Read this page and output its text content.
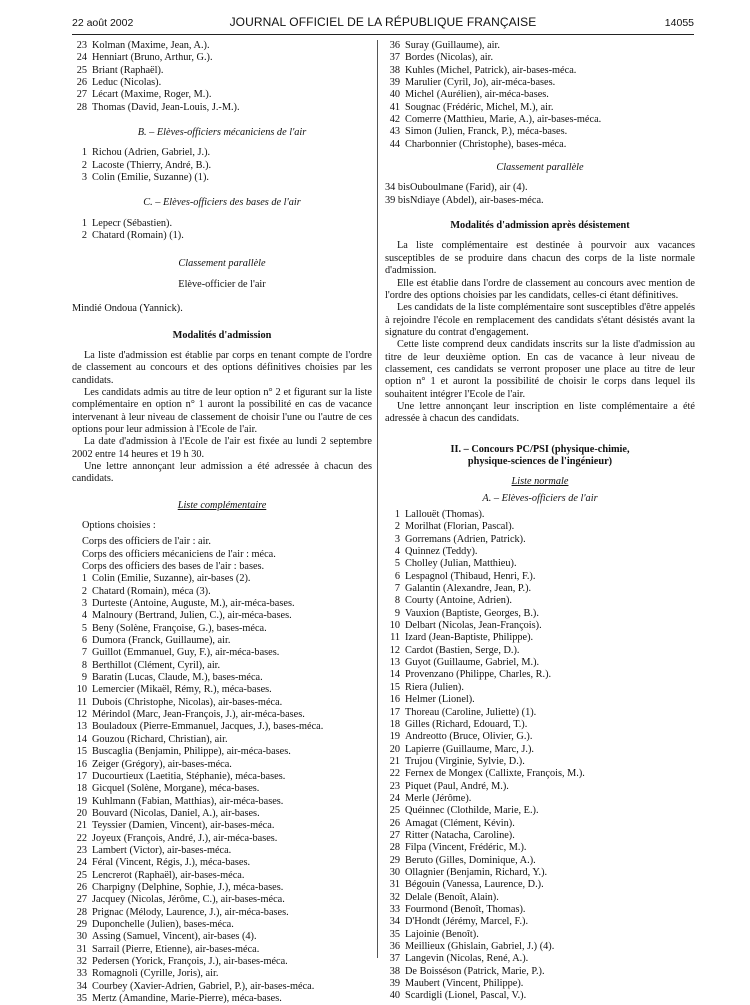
22 août 2002	JOURNAL OFFICIEL DE LA RÉPUBLIQUE FRANÇAISE	14055
23 Kolman (Maxime, Jean, A.).
24 Henniart (Bruno, Arthur, G.).
25 Briant (Raphaël).
26 Leduc (Nicolas).
27 Lécart (Maxime, Roger, M.).
28 Thomas (David, Jean-Louis, J.-M.).
B. – Elèves-officiers mécaniciens de l'air
1 Richou (Adrien, Gabriel, J.).
2 Lacoste (Thierry, André, B.).
3 Colin (Emilie, Suzanne) (1).
C. – Elèves-officiers des bases de l'air
1 Lepecr (Sébastien).
2 Chatard (Romain) (1).
Classement parallèle
Elève-officier de l'air
Mindié Ondoua (Yannick).
Modalités d'admission
La liste d'admission est établie par corps en tenant compte de l'ordre de classement au concours et des options définitives choisies par les candidats.
Les candidats admis au titre de leur option n° 2 et figurant sur la liste complémentaire en option n° 1 auront la possibilité en cas de vacance intervenant à leur niveau de classement de choisir l'une ou l'autre de ces options pour leur admission à l'Ecole de l'air.
La date d'admission à l'Ecole de l'air est fixée au lundi 2 septembre 2002 entre 14 heures et 19 h 30.
Une lettre annonçant leur admission a été adressée à chacun des candidats.
Liste complémentaire
Options choisies :
Corps des officiers de l'air : air.
Corps des officiers mécaniciens de l'air : méca.
Corps des officiers des bases de l'air : bases.
1 Colin (Emilie, Suzanne), air-bases (2).
2 Chatard (Romain), méca (3).
3 Durteste (Antoine, Auguste, M.), air-méca-bases.
4 Malnoury (Bertrand, Julien, C.), air-méca-bases.
5 Beny (Solène, Françoise, G.), bases-méca.
6 Dumora (Franck, Guillaume), air.
7 Guillot (Emmanuel, Guy, F.), air-méca-bases.
8 Berthillot (Clément, Cyril), air.
9 Baratin (Lucas, Claude, M.), bases-méca.
10 Lemercier (Mikaël, Rémy, R.), méca-bases.
11 Dubois (Christophe, Nicolas), air-bases-méca.
12 Mérindol (Marc, Jean-François, J.), air-méca-bases.
13 Bouladoux (Pierre-Emmanuel, Jacques, J.), bases-méca.
14 Gouzou (Richard, Christian), air.
15 Buscaglia (Benjamin, Philippe), air-méca-bases.
16 Zeiger (Grégory), air-bases-méca.
17 Ducourtieux (Laetitia, Stéphanie), méca-bases.
18 Gicquel (Solène, Morgane), méca-bases.
19 Kuhlmann (Fabian, Matthias), air-méca-bases.
20 Bouvard (Nicolas, Daniel, A.), air-bases.
21 Teyssier (Damien, Vincent), air-bases-méca.
22 Joyeux (François, André, J.), air-méca-bases.
23 Lambert (Victor), air-bases-méca.
24 Féral (Vincent, Régis, J.), méca-bases.
25 Lencrerot (Raphaël), air-bases-méca.
26 Charpigny (Delphine, Sophie, J.), méca-bases.
27 Jacquey (Nicolas, Jérôme, C.), air-bases-méca.
28 Prignac (Mélody, Laurence, J.), air-méca-bases.
29 Duponchelle (Julien), bases-méca.
30 Assing (Samuel, Vincent), air-bases (4).
31 Sarrail (Pierre, Etienne), air-bases-méca.
32 Pedersen (Yorick, François, J.), air-bases-méca.
33 Romagnoli (Cyrille, Joris), air.
34 Courbey (Xavier-Adrien, Gabriel, P.), air-bases-méca.
35 Mertz (Amandine, Marie-Pierre), méca-bases.
36 Suray (Guillaume), air.
37 Bordes (Nicolas), air.
38 Kuhles (Michel, Patrick), air-bases-méca.
39 Marulier (Cyril, Jo), air-méca-bases.
40 Michel (Aurélien), air-méca-bases.
41 Sougnac (Frédéric, Michel, M.), air.
42 Comerre (Matthieu, Marie, A.), air-bases-méca.
43 Simon (Julien, Franck, P.), méca-bases.
44 Charbonnier (Christophe), bases-méca.
Classement parallèle
34 bisOuboulmane (Farid), air (4).
39 bisNdiaye (Abdel), air-bases-méca.
Modalités d'admission après désistement
La liste complémentaire est destinée à pourvoir aux vacances susceptibles de se produire dans chacun des corps de la liste normale d'admission.
Elle est établie dans l'ordre de classement au concours avec mention de l'ordre des options choisies par les candidats, celles-ci étant définitives.
Les candidats de la liste complémentaire sont susceptibles d'être appelés à rejoindre l'école en remplacement des candidats s'étant désistés avant la signature du contrat d'engagement.
Cette liste comprend deux candidats inscrits sur la liste d'admission au titre de leur deuxième option. En cas de vacance à leur niveau de classement, ces candidats se verront proposer une place au titre de leur option n° 1 et auront la possibilité de choisir le corps dans lequel ils souhaitent intégrer l'Ecole de l'air.
Une lettre annonçant leur inscription en liste complémentaire a été adressée à chacun des candidats.
II. – Concours PC/PSI (physique-chimie,
physique-sciences de l'ingénieur)
Liste normale
A. – Elèves-officiers de l'air
1 Lallouët (Thomas).
2 Morilhat (Florian, Pascal).
3 Gorremans (Adrien, Patrick).
4 Quinnez (Teddy).
5 Cholley (Julian, Matthieu).
6 Lespagnol (Thibaud, Henri, F.).
7 Galantin (Alexandre, Jean, P.).
8 Courty (Antoine, Adrien).
9 Vauxion (Baptiste, Georges, B.).
10 Delbart (Nicolas, Jean-François).
11 Izard (Jean-Baptiste, Philippe).
12 Cardot (Bastien, Serge, D.).
13 Guyot (Guillaume, Gabriel, M.).
14 Provenzano (Philippe, Charles, R.).
15 Riera (Julien).
16 Helmer (Lionel).
17 Thoreau (Caroline, Juliette) (1).
18 Gilles (Richard, Edouard, T.).
19 Andreotto (Bruce, Olivier, G.).
20 Lapierre (Guillaume, Marc, J.).
21 Trujou (Virginie, Sylvie, D.).
22 Fernex de Mongex (Callixte, François, M.).
23 Piquet (Paul, André, M.).
24 Merle (Jérôme).
25 Quéinnec (Clothilde, Marie, E.).
26 Amagat (Clément, Kévin).
27 Ritter (Natacha, Caroline).
28 Filpa (Vincent, Frédéric, M.).
29 Beruto (Gilles, Dominique, A.).
30 Ollagnier (Benjamin, Richard, Y.).
31 Bégouin (Vanessa, Laurence, D.).
32 Delale (Benoît, Alain).
33 Fourmond (Benoît, Thomas).
34 D'Hondt (Jérémy, Marcel, F.).
35 Lajoinie (Benoît).
36 Meillieux (Ghislain, Gabriel, J.) (4).
37 Langevin (Nicolas, René, A.).
38 De Boisséson (Patrick, Marie, P.).
39 Maubert (Vincent, Philippe).
40 Scardigli (Lionel, Pascal, V.).
